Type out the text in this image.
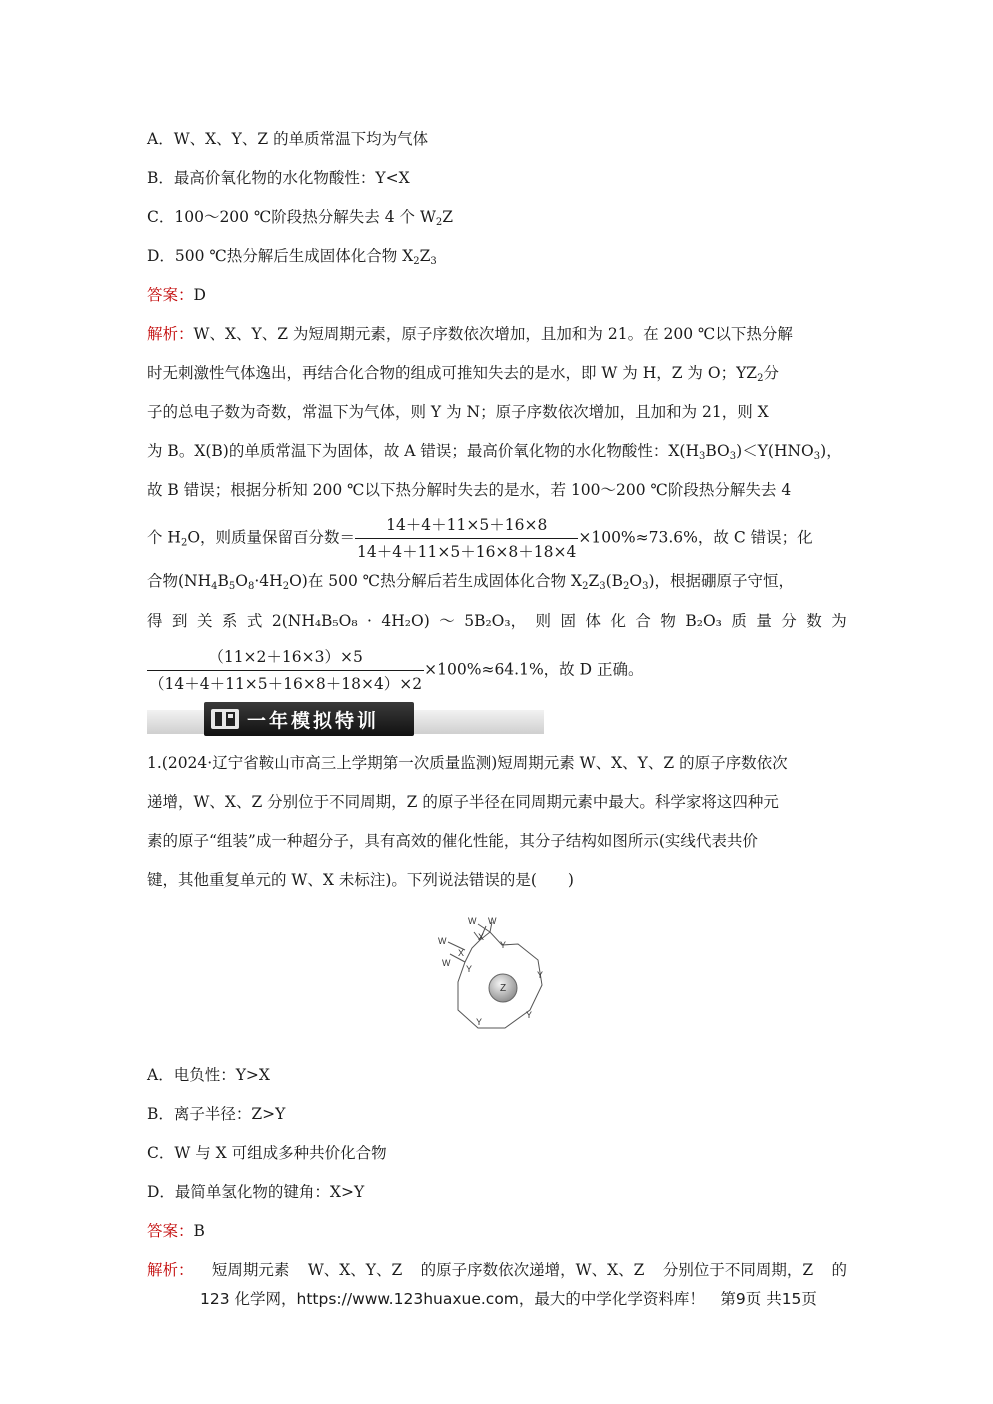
A．W、X、Y、Z 的单质常温下均为气体
B．最高价氧化物的水化物酸性：Y<X
C．100～200 ℃阶段热分解失去 4 个 $W_2Z$
D．500 ℃热分解后生成固体化合物 $X_2Z_3$
答案：D
解析：W、X、Y、Z 为短周期元素，原子序数依次增加，且加和为 21。在 200 ℃以下热分解
时无刺激性气体逸出，再结合化合物的组成可推知失去的是水，即 W 为 H，Z 为 O；$YZ_2$分
子的总电子数为奇数，常温下为气体，则 Y 为 N；原子序数依次增加，且加和为 21，则 X
为 B。X(B)的单质常温下为固体，故 A 错误；最高价氧化物的水化物酸性：$X(H_3BO_3)<Y(HNO_3)$，
故 B 错误；根据分析知 200 ℃以下热分解时失去的是水，若 100～200 ℃阶段热分解失去 4
个 $H_2O$，则质量保留百分数＝ $\frac{14+4+11\times 5+16\times 8}{14+4+11\times 5+16\times 8+18\times 4} \times 100\%\approx 73.6\%$，故 C 错误；化
合物$(NH_4B_5O_8\cdot 4H_2O)$在 500 ℃热分解后若生成固体化合物 $X_2Z_3(B_2O_3)$，根据硼原子守恒，
得 到 关 系 式 2(NH₄B₅O₈ · 4H₂O) ～ 5B₂O₃， 则 固 体 化 合 物 B₂O₃ 质 量 分 数 为
$\frac{(11\times 2+16\times 3)\times 5}{(14+4+11\times 5+16\times 8+18\times 4)\times 2} \times 100\%\approx 64.1\%$，故 D 正确。
一年模拟特训
1.(2024·辽宁省鞍山市高三上学期第一次质量监测)短周期元素 W、X、Y、Z 的原子序数依次
递增，W、X、Z 分别位于不同周期，Z 的原子半径在同周期元素中最大。科学家将这四种元
素的原子“组装”成一种超分子，具有高效的催化性能，其分子结构如图所示(实线代表共价
键，其他重复单元的 W、X 未标注)。下列说法错误的是(　　)
Z
W
W
W W
X
X
Y
Y
Y
Y
Y
A．电负性：Y>X
B．离子半径：Z>Y
C．W 与 X 可组成多种共价化合物
D．最简单氢化物的键角：X>Y
答案：B
解析： 短周期元素 W、X、Y、Z 的原子序数依次递增，W、X、Z 分别位于不同周期，Z 的
123 化学网，https://www.123huaxue.com，最大的中学化学资料库！　第9页 共15页
